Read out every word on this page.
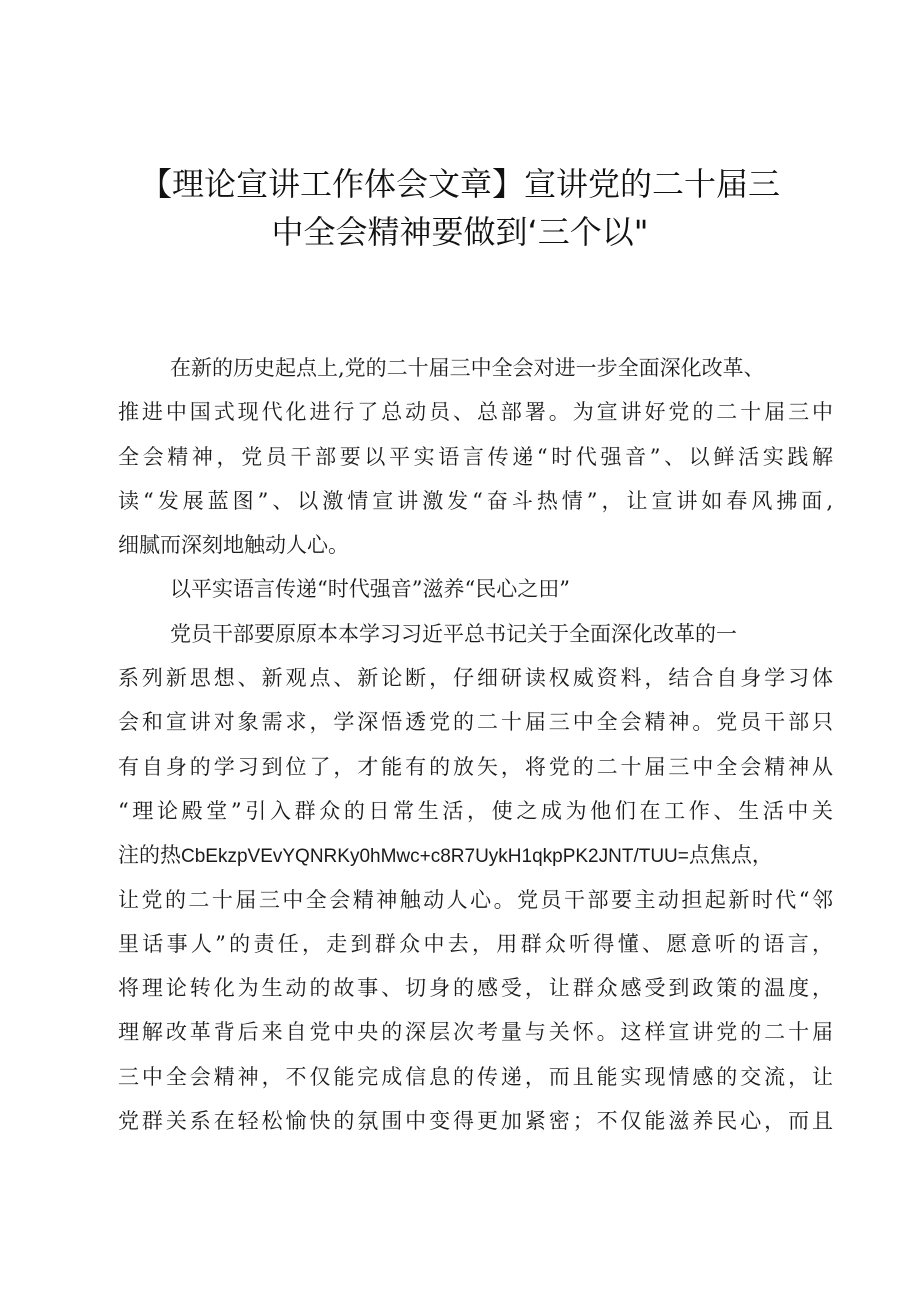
【理论宣讲工作体会文章】宣讲党的二十届三
中全会精神要做到‘三个以"
在新的历史起点上,党的二十届三中全会对进一步全面深化改革、
推进中国式现代化进行了总动员、总部署。为宣讲好党的二十届三中
全会精神，党员干部要以平实语言传递“时代强音”、以鲜活实践解
读“发展蓝图”、以激情宣讲激发“奋斗热情”，让宣讲如春风拂面,
细腻而深刻地触动人心。
以平实语言传递“时代强音”滋养“民心之田”
党员干部要原原本本学习习近平总书记关于全面深化改革的一
系列新思想、新观点、新论断，仔细研读权威资料，结合自身学习体
会和宣讲对象需求，学深悟透党的二十届三中全会精神。党员干部只
有自身的学习到位了，才能有的放矢，将党的二十届三中全会精神从
“理论殿堂”引入群众的日常生活，使之成为他们在工作、生活中关
注的热CbEkzpVEvYQNRKy0hMwc+c8R7UykH1qkpPK2JNT/TUU=点焦点，
让党的二十届三中全会精神触动人心。党员干部要主动担起新时代“邻
里话事人”的责任，走到群众中去，用群众听得懂、愿意听的语言，
将理论转化为生动的故事、切身的感受，让群众感受到政策的温度，
理解改革背后来自党中央的深层次考量与关怀。这样宣讲党的二十届
三中全会精神，不仅能完成信息的传递，而且能实现情感的交流，让
党群关系在轻松愉快的氛围中变得更加紧密；不仅能滋养民心，而且
